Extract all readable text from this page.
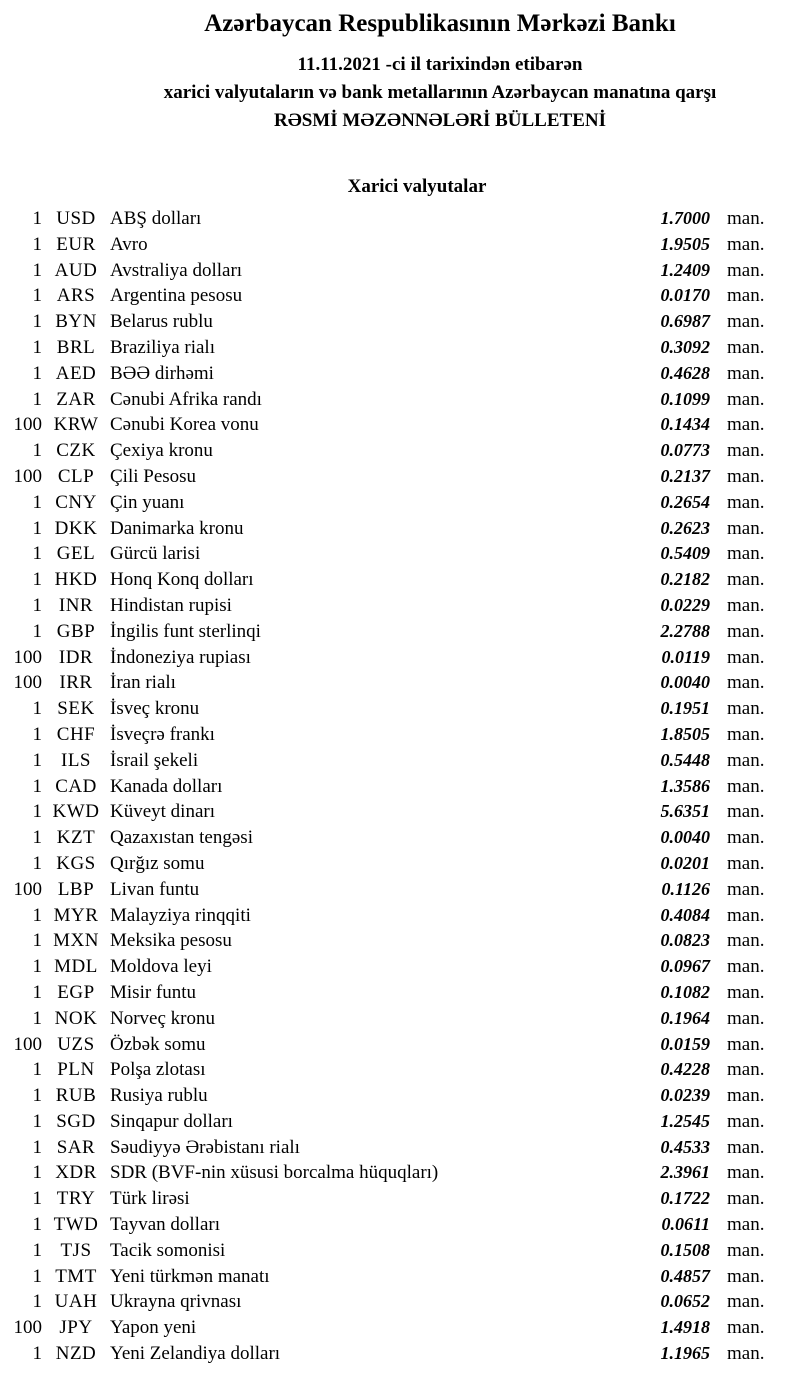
Azərbaycan Respublikasının Mərkəzi Bankı
11.11.2021 -ci il tarixindən etibarən
xarici valyutaların və bank metallarının Azərbaycan manatına qarşı
RƏSMİ MƏZƏNNƏLƏRİ BÜLLETENİ
Xarici valyutalar
1 USD ABŞ dolları	1.7000 man.
1 EUR Avro	1.9505 man.
1 AUD Avstraliya dolları	1.2409 man.
1 ARS Argentina pesosu	0.0170 man.
1 BYN Belarus rublu	0.6987 man.
1 BRL Braziliya rialı	0.3092 man.
1 AED BƏƏ dirhəmi	0.4628 man.
1 ZAR Cənubi Afrika randı	0.1099 man.
100 KRW Cənubi Korea vonu	0.1434 man.
1 CZK Çexiya kronu	0.0773 man.
100 CLP Çili Pesosu	0.2137 man.
1 CNY Çin yuanı	0.2654 man.
1 DKK Danimarka kronu	0.2623 man.
1 GEL Gürcü larisi	0.5409 man.
1 HKD Honq Konq dolları	0.2182 man.
1 INR Hindistan rupisi	0.0229 man.
1 GBP İngilis funt sterlinqi	2.2788 man.
100 IDR İndoneziya rupiası	0.0119 man.
100 IRR İran rialı	0.0040 man.
1 SEK İsveç kronu	0.1951 man.
1 CHF İsveçrə frankı	1.8505 man.
1	ILS	İsrail şekeli	0.5448 man.
1 CAD Kanada dolları	1.3586 man.
1 KWD Küveyt dinarı	5.6351 man.
1 KZT Qazaxıstan tengəsi	0.0040 man.
1 KGS Qırğız somu	0.0201 man.
100 LBP Livan funtu	0.1126 man.
1 MYR Malayziya rinqqiti	0.4084 man.
1 MXN Meksika pesosu	0.0823 man.
1 MDL Moldova leyi	0.0967 man.
1 EGP Misir funtu	0.1082 man.
1 NOK Norveç kronu	0.1964 man.
100 UZS Özbək somu	0.0159 man.
1 PLN Polşa zlotası	0.4228 man.
1 RUB Rusiya rublu	0.0239 man.
1 SGD Sinqapur dolları	1.2545 man.
1 SAR Səudiyyə Ərəbistanı rialı	0.4533 man.
1 XDR SDR (BVF-nin xüsusi borcalma hüquqları)	2.3961 man.
1 TRY Türk lirəsi	0.1722 man.
1 TWD Tayvan dolları	0.0611 man.
1 TJS Tacik somonisi	0.1508 man.
1 TMT Yeni türkmən manatı	0.4857 man.
1 UAH Ukrayna qrivnası	0.0652 man.
100 JPY Yapon yeni	1.4918 man.
1 NZD Yeni Zelandiya dolları	1.1965 man.
